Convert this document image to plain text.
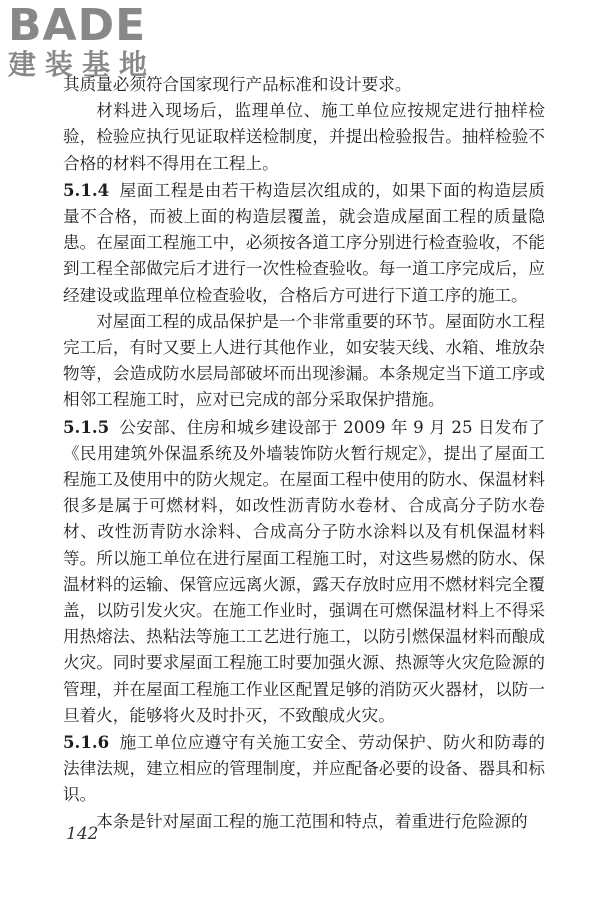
BADE
建装基地

其质量必须符合国家现行产品标准和设计要求。

材料进入现场后，监理单位、施工单位应按规定进行抽样检验，检验应执行见证取样送检制度，并提出检验报告。抽样检验不合格的材料不得用在工程上。

5.1.4 屋面工程是由若干构造层次组成的，如果下面的构造层质量不合格，而被上面的构造层覆盖，就会造成屋面工程的质量隐患。在屋面工程施工中，必须按各道工序分别进行检查验收，不能到工程全部做完后才进行一次性检查验收。每一道工序完成后，应经建设或监理单位检查验收，合格后方可进行下道工序的施工。

对屋面工程的成品保护是一个非常重要的环节。屋面防水工程完工后，有时又要上人进行其他作业，如安装天线、水箱、堆放杂物等，会造成防水层局部破坏而出现渗漏。本条规定当下道工序或相邻工程施工时，应对已完成的部分采取保护措施。

5.1.5 公安部、住房和城乡建设部于 2009 年 9 月 25 日发布了《民用建筑外保温系统及外墙装饰防火暂行规定》，提出了屋面工程施工及使用中的防火规定。在屋面工程中使用的防水、保温材料很多是属于可燃材料，如改性沥青防水卷材、合成高分子防水卷材、改性沥青防水涂料、合成高分子防水涂料以及有机保温材料等。所以施工单位在进行屋面工程施工时，对这些易燃的防水、保温材料的运输、保管应远离火源，露天存放时应用不燃材料完全覆盖，以防引发火灾。在施工作业时，强调在可燃保温材料上不得采用热熔法、热粘法等施工工艺进行施工，以防引燃保温材料而酿成火灾。同时要求屋面工程施工时要加强火源、热源等火灾危险源的管理，并在屋面工程施工作业区配置足够的消防灭火器材，以防一旦着火，能够将火及时扑灭，不致酿成火灾。

5.1.6 施工单位应遵守有关施工安全、劳动保护、防火和防毒的法律法规，建立相应的管理制度，并应配备必要的设备、器具和标识。

本条是针对屋面工程的施工范围和特点，着重进行危险源的

142
